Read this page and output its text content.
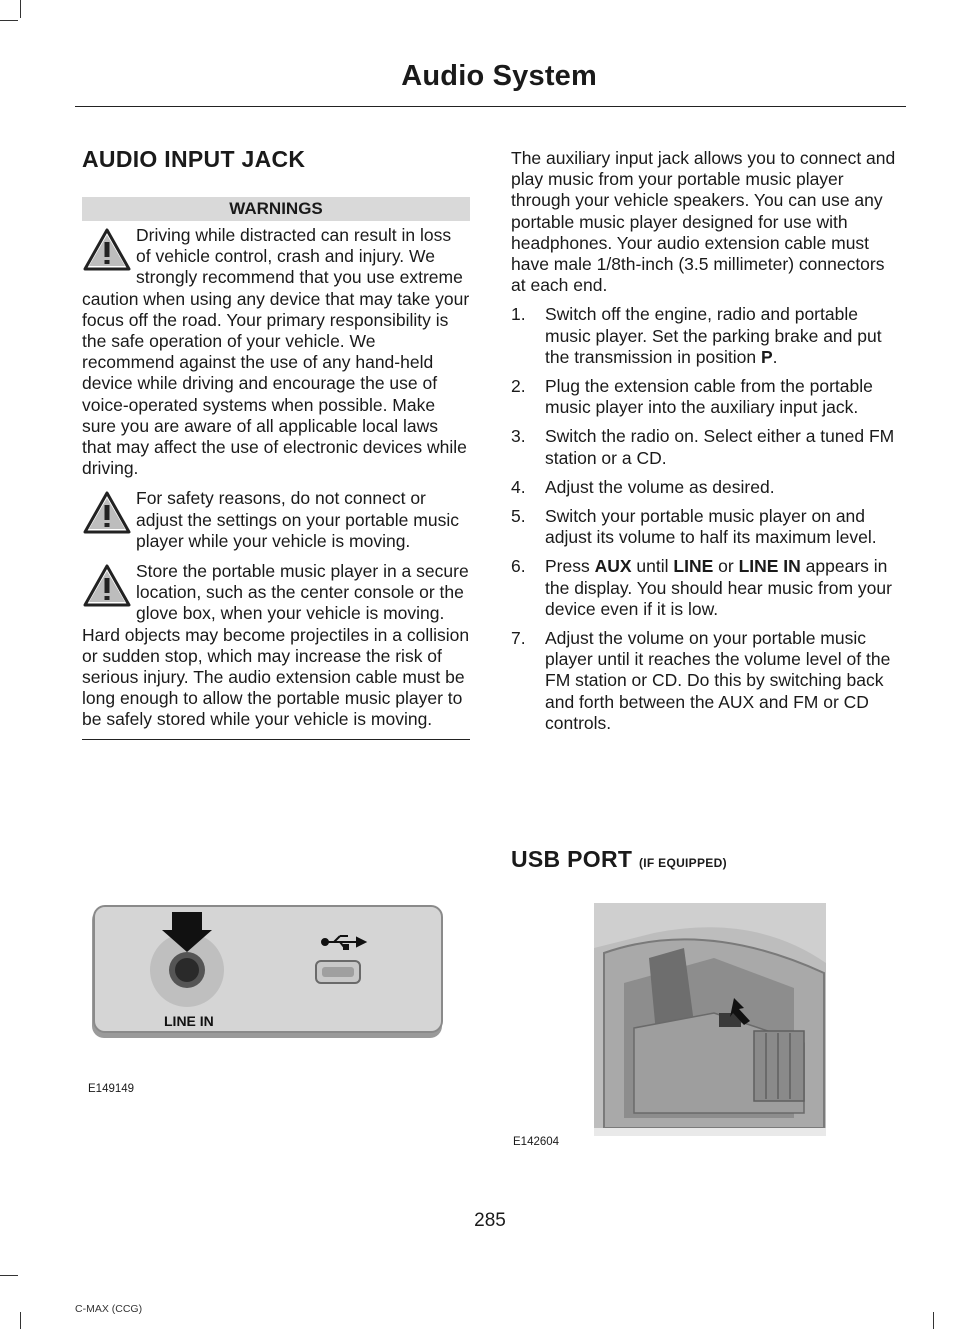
Audio System
AUDIO INPUT JACK
WARNINGS
Driving while distracted can result in loss of vehicle control, crash and injury. We strongly recommend that you use extreme caution when using any device that may take your focus off the road. Your primary responsibility is the safe operation of your vehicle. We recommend against the use of any hand-held device while driving and encourage the use of voice-operated systems when possible. Make sure you are aware of all applicable local laws that may affect the use of electronic devices while driving.
For safety reasons, do not connect or adjust the settings on your portable music player while your vehicle is moving.
Store the portable music player in a secure location, such as the center console or the glove box, when your vehicle is moving. Hard objects may become projectiles in a collision or sudden stop, which may increase the risk of serious injury. The audio extension cable must be long enough to allow the portable music player to be safely stored while your vehicle is moving.

The auxiliary input jack allows you to connect and play music from your portable music player through your vehicle speakers. You can use any portable music player designed for use with headphones. Your audio extension cable must have male 1/8th-inch (3.5 millimeter) connectors at each end.

1. Switch off the engine, radio and portable music player. Set the parking brake and put the transmission in position P.
2. Plug the extension cable from the portable music player into the auxiliary input jack.
3. Switch the radio on. Select either a tuned FM station or a CD.
4. Adjust the volume as desired.
5. Switch your portable music player on and adjust its volume to half its maximum level.
6. Press AUX until LINE or LINE IN appears in the display. You should hear music from your device even if it is low.
7. Adjust the volume on your portable music player until it reaches the volume level of the FM station or CD. Do this by switching back and forth between the AUX and FM or CD controls.
USB PORT (IF EQUIPPED)
LINE IN
E149149
E142604
285
C-MAX (CCG)
